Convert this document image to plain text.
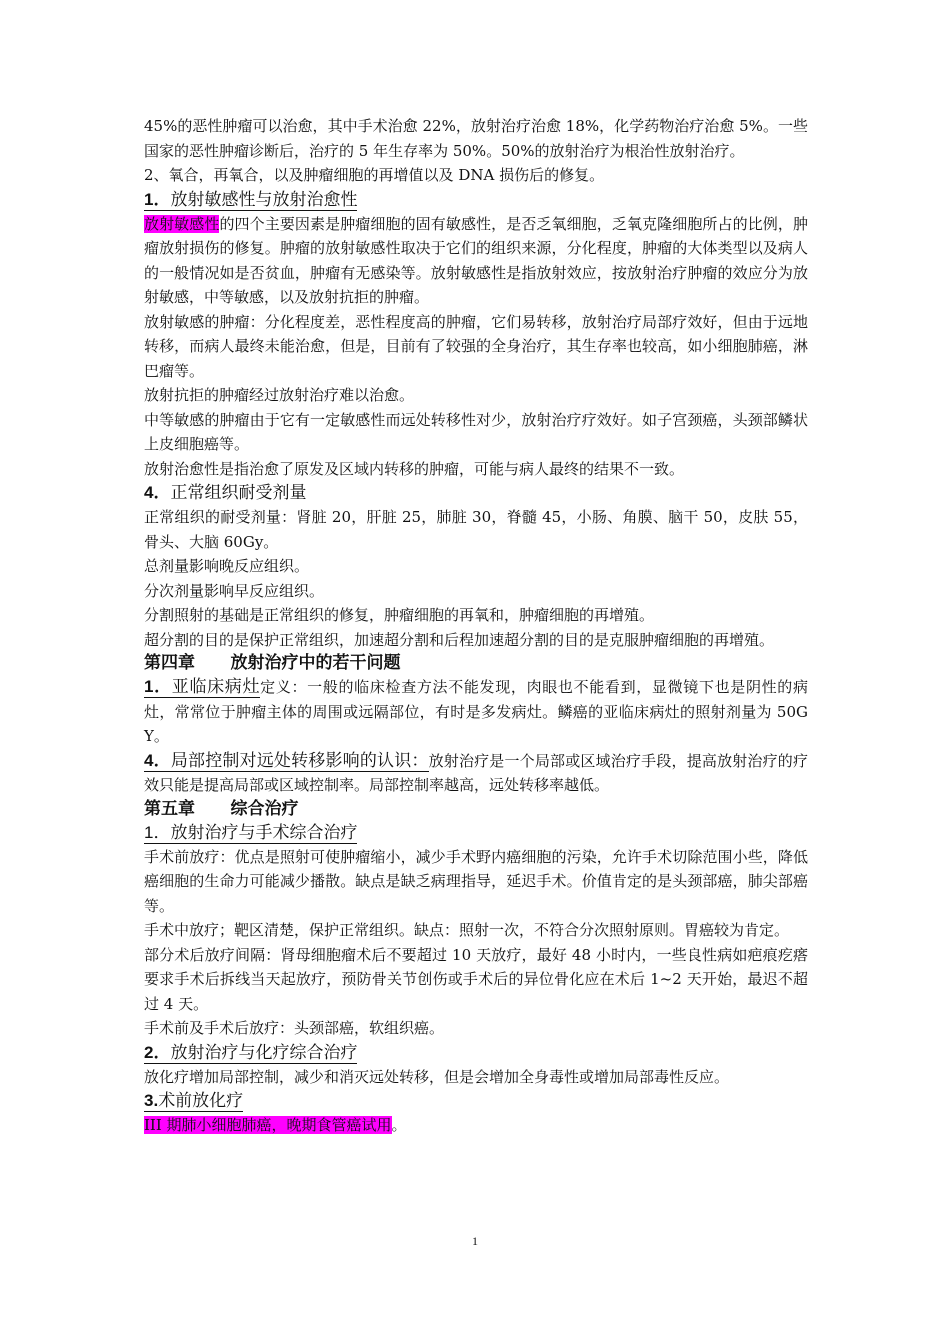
45%的恶性肿瘤可以治愈，其中手术治愈 22%，放射治疗治愈 18%，化学药物治疗治愈 5%。一些国家的恶性肿瘤诊断后，治疗的 5 年生存率为 50%。50%的放射治疗为根治性放射治疗。

2、氧合，再氧合，以及肿瘤细胞的再增值以及 DNA 损伤后的修复。

1．放射敏感性与放射治愈性

放射敏感性的四个主要因素是肿瘤细胞的固有敏感性，是否乏氧细胞，乏氧克隆细胞所占的比例，肿瘤放射损伤的修复。肿瘤的放射敏感性取决于它们的组织来源，分化程度，肿瘤的大体类型以及病人的一般情况如是否贫血，肿瘤有无感染等。放射敏感性是指放射效应，按放射治疗肿瘤的效应分为放射敏感，中等敏感，以及放射抗拒的肿瘤。

放射敏感的肿瘤：分化程度差，恶性程度高的肿瘤，它们易转移，放射治疗局部疗效好，但由于远地转移，而病人最终未能治愈，但是，目前有了较强的全身治疗，其生存率也较高，如小细胞肺癌，淋巴瘤等。

放射抗拒的肿瘤经过放射治疗难以治愈。

中等敏感的肿瘤由于它有一定敏感性而远处转移性对少，放射治疗疗效好。如子宫颈癌，头颈部鳞状上皮细胞癌等。

放射治愈性是指治愈了原发及区域内转移的肿瘤，可能与病人最终的结果不一致。

4．正常组织耐受剂量

正常组织的耐受剂量：肾脏 20，肝脏 25，肺脏 30，脊髓 45，小肠、角膜、脑干 50，皮肤 55，骨头、大脑 60Gy。

总剂量影响晚反应组织。

分次剂量影响早反应组织。

分割照射的基础是正常组织的修复，肿瘤细胞的再氧和，肿瘤细胞的再增殖。

超分割的目的是保护正常组织，加速超分割和后程加速超分割的目的是克服肿瘤细胞的再增殖。

第四章      放射治疗中的若干问题

1．亚临床病灶定义：一般的临床检查方法不能发现，肉眼也不能看到，显微镜下也是阴性的病灶，常常位于肿瘤主体的周围或远隔部位，有时是多发病灶。鳞癌的亚临床病灶的照射剂量为 50GY。

4．局部控制对远处转移影响的认识：放射治疗是一个局部或区域治疗手段，提高放射治疗的疗效只能是提高局部或区域控制率。局部控制率越高，远处转移率越低。

第五章      综合治疗

1．放射治疗与手术综合治疗

手术前放疗：优点是照射可使肿瘤缩小，减少手术野内癌细胞的污染，允许手术切除范围小些，降低癌细胞的生命力可能减少播散。缺点是缺乏病理指导，延迟手术。价值肯定的是头颈部癌，肺尖部癌等。

手术中放疗；靶区清楚，保护正常组织。缺点：照射一次，不符合分次照射原则。胃癌较为肯定。

部分术后放疗间隔：肾母细胞瘤术后不要超过 10 天放疗，最好 48 小时内，一些良性病如疤痕疙瘩要求手术后拆线当天起放疗，预防骨关节创伤或手术后的异位骨化应在术后 1~2 天开始，最迟不超过 4 天。

手术前及手术后放疗：头颈部癌，软组织癌。

2．放射治疗与化疗综合治疗

放化疗增加局部控制，减少和消灭远处转移，但是会增加全身毒性或增加局部毒性反应。

3.术前放化疗

III 期肺小细胞肺癌，晚期食管癌试用。

1
